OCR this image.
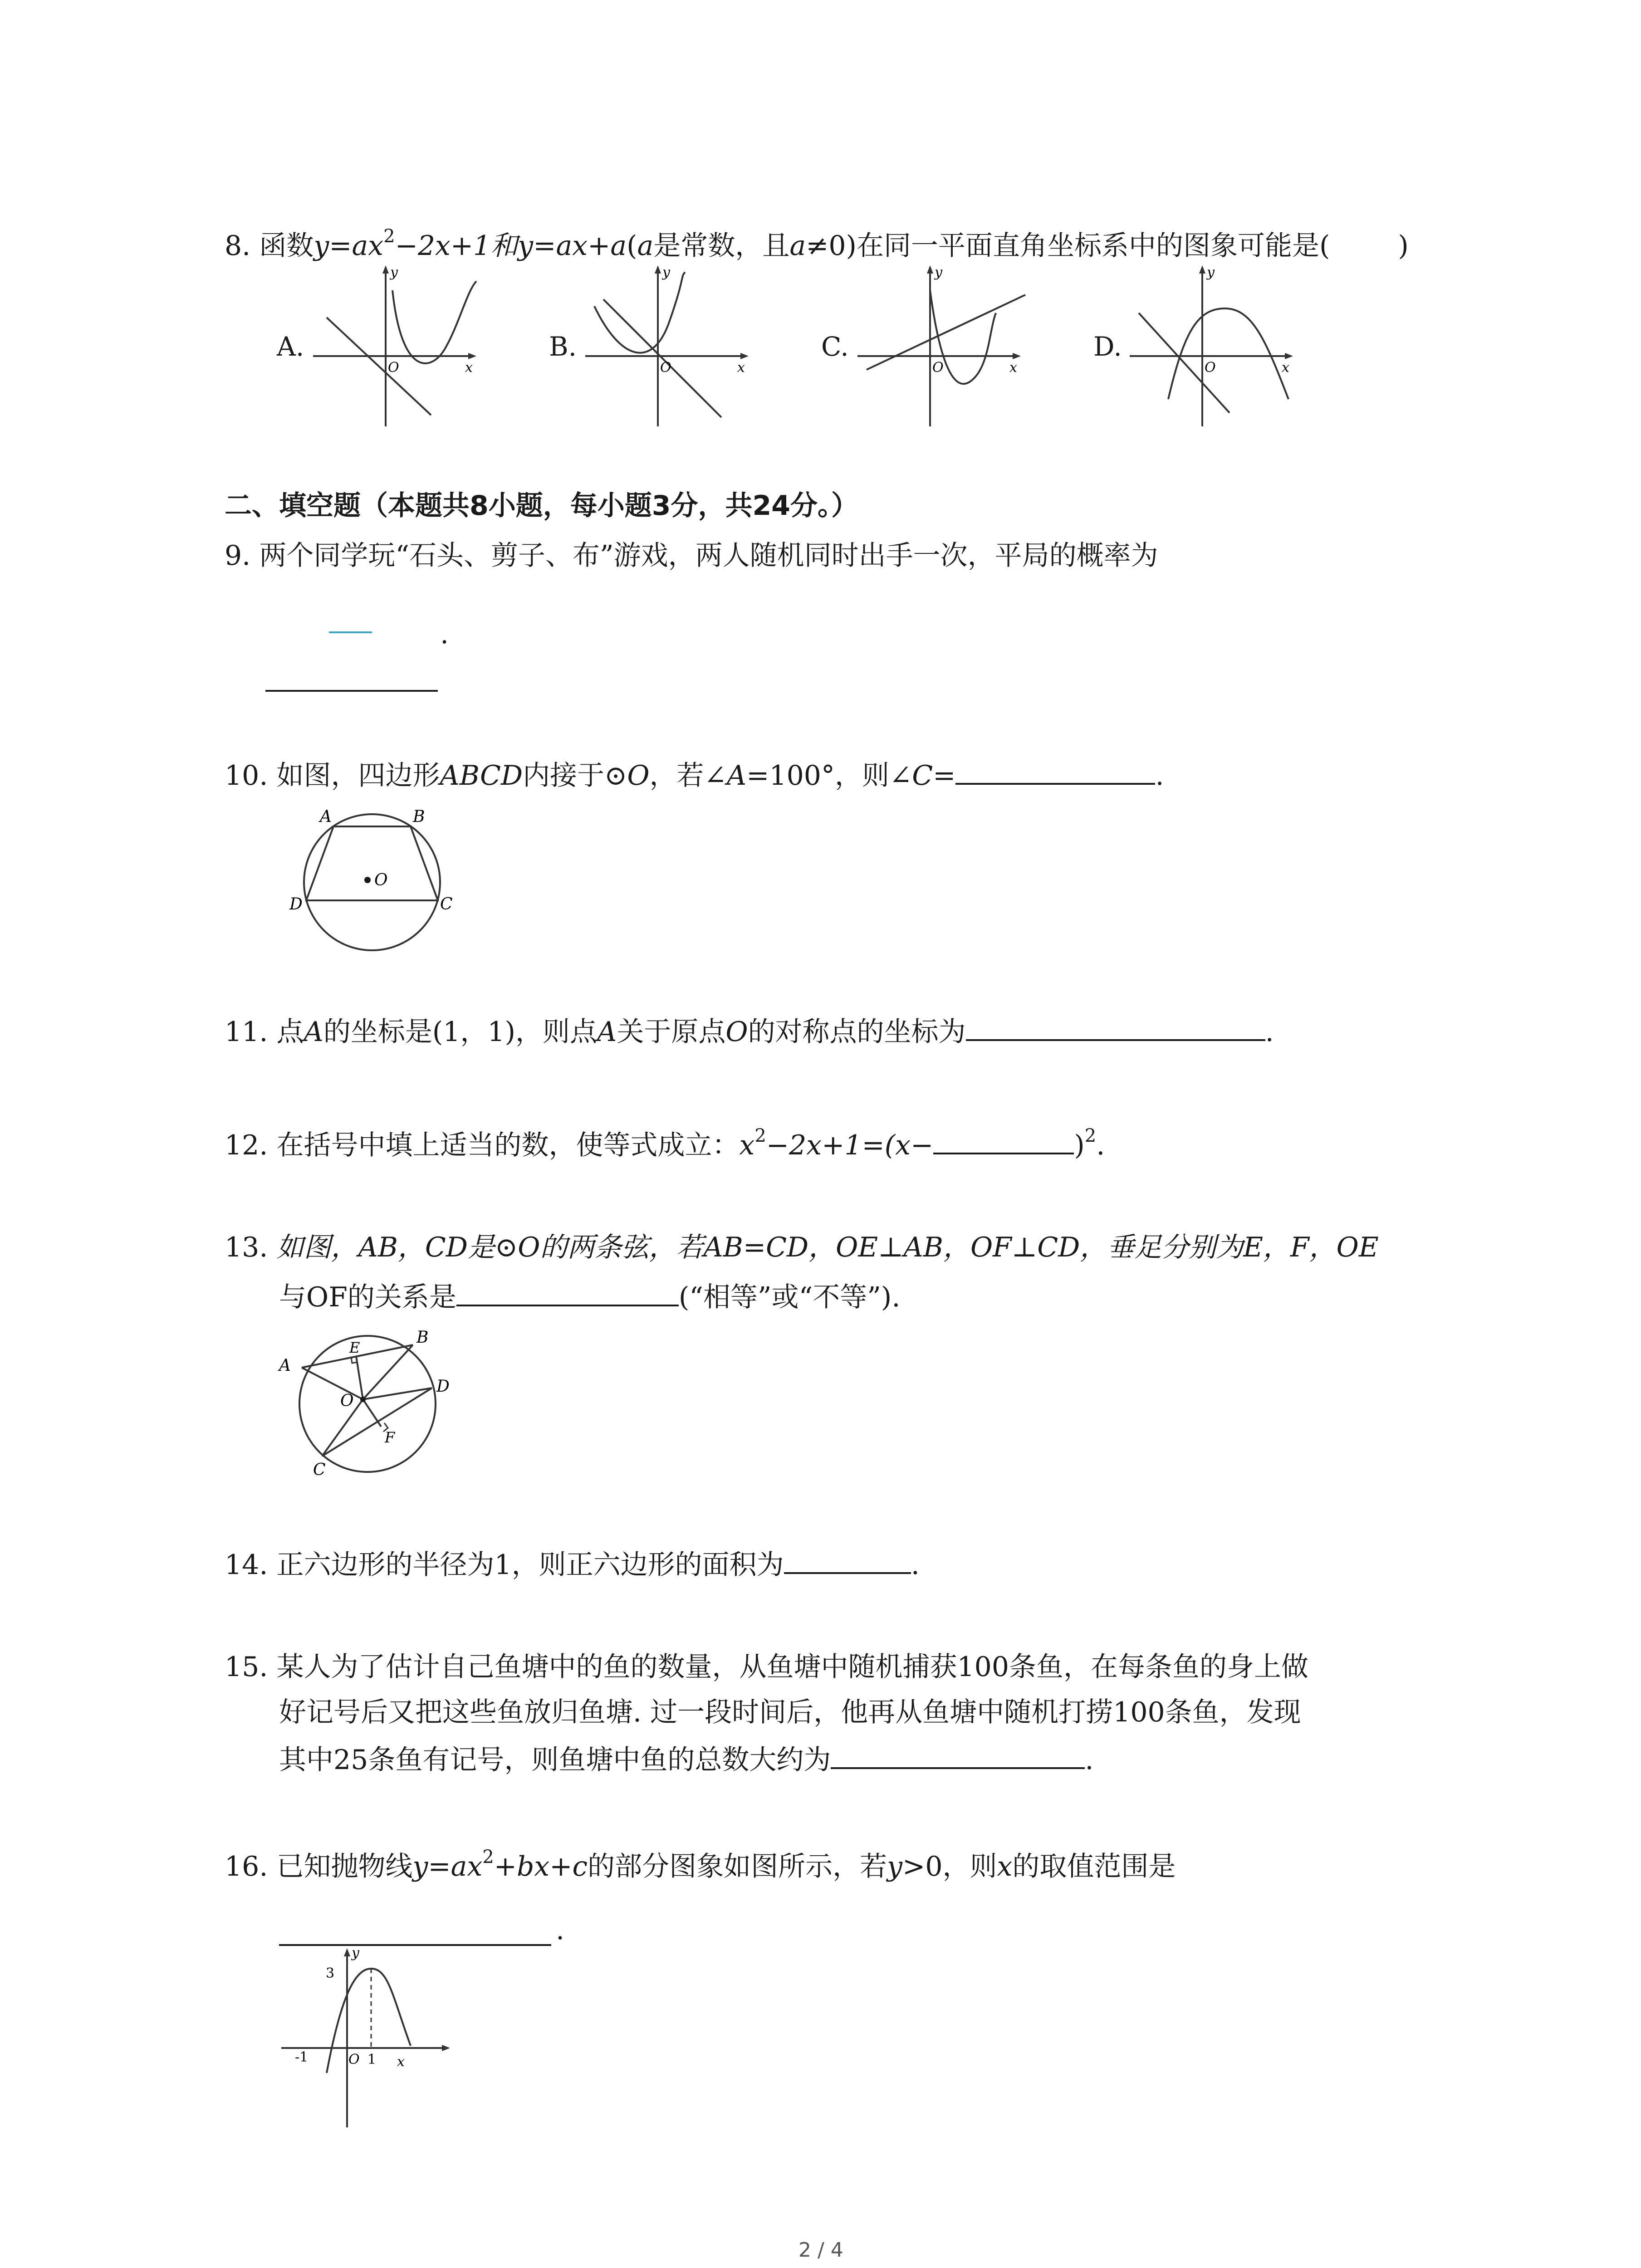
8. 函数$y=ax^2-2x+1$和y=ax+a(a是常数，且a≠0)在同一平面直角坐标系中的图象可能是(	)
A.	B.	C.	D.
y
x
O
y
x
O
y
x
O
y
x
O
二、填空题（本题共8小题，每小题3分，共24分。）
9. 两个同学玩“石头、剪子、布”游戏，两人随机同时出手一次，平局的概率为
.
10. 如图，四边形ABCD内接于⊙O，若∠A=100°，则∠C=	.
A	B
C
D
O
11. 点A的坐标是(1，1)，则点A关于原点O的对称点的坐标为	.
12. 在括号中填上适当的数，使等式成立：$x^2-2x+1=(x-$	)$^2$.
13. 如图，AB，CD是⊙O的两条弦，若AB=CD，OE⊥AB，OF⊥CD，垂足分别为E，F，OE
与OF的关系是	(“相等”或“不等”).
A
B
C
D
E
F
O
14. 正六边形的半径为1，则正六边形的面积为	.
15. 某人为了估计自己鱼塘中的鱼的数量，从鱼塘中随机捕获100条鱼，在每条鱼的身上做
好记号后又把这些鱼放归鱼塘. 过一段时间后，他再从鱼塘中随机打捞100条鱼，发现
其中25条鱼有记号，则鱼塘中鱼的总数大约为	.
16. 已知抛物线$y=ax^2+bx+c$的部分图象如图所示，若y>0，则x的取值范围是
.
3
y
x
O
-1	1
2 / 4
